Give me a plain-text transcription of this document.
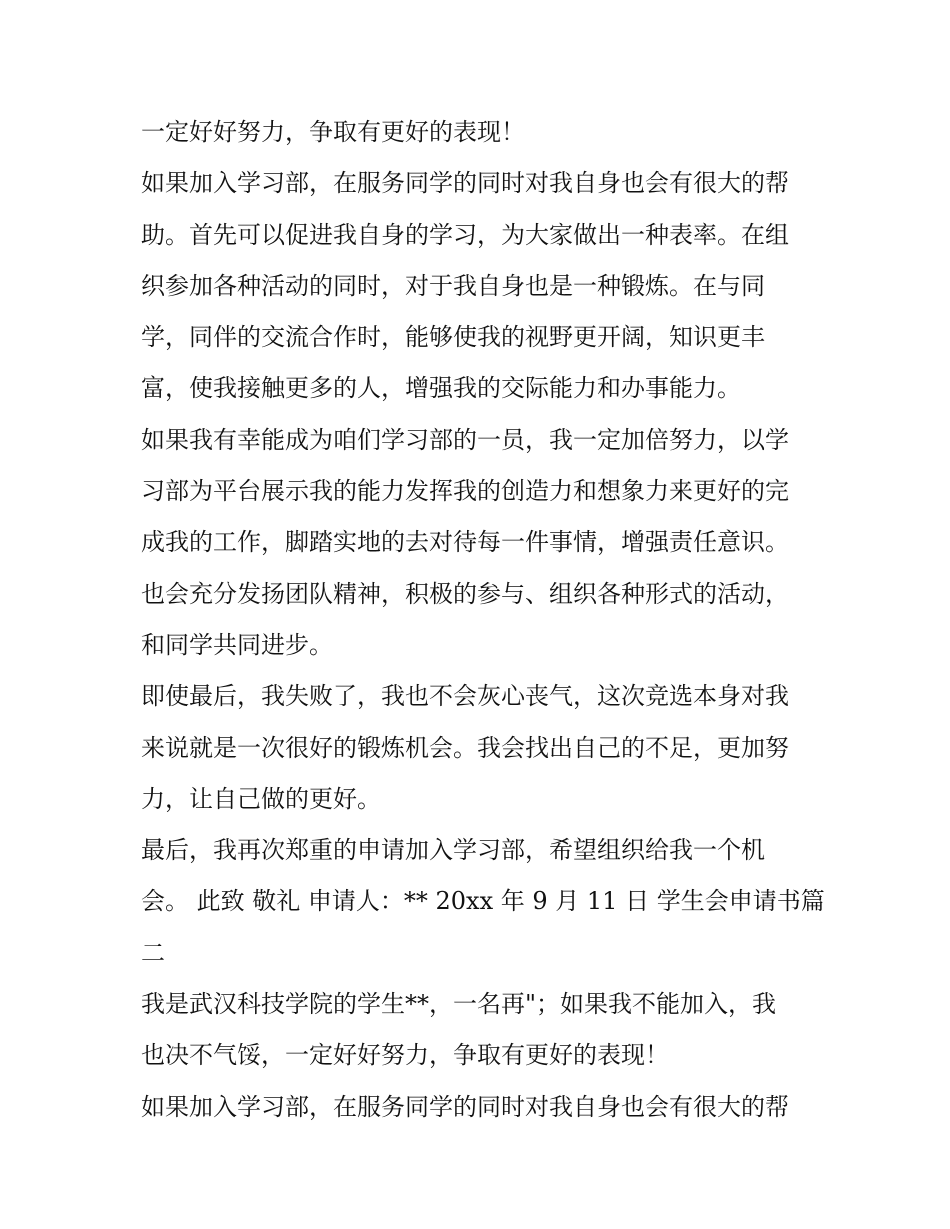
一定好好努力，争取有更好的表现！
如果加入学习部，在服务同学的同时对我自身也会有很大的帮
助。首先可以促进我自身的学习，为大家做出一种表率。在组
织参加各种活动的同时，对于我自身也是一种锻炼。在与同
学，同伴的交流合作时，能够使我的视野更开阔，知识更丰
富，使我接触更多的人，增强我的交际能力和办事能力。
如果我有幸能成为咱们学习部的一员，我一定加倍努力，以学
习部为平台展示我的能力发挥我的创造力和想象力来更好的完
成我的工作，脚踏实地的去对待每一件事情，增强责任意识。
也会充分发扬团队精神，积极的参与、组织各种形式的活动，
和同学共同进步。
即使最后，我失败了，我也不会灰心丧气，这次竞选本身对我
来说就是一次很好的锻炼机会。我会找出自己的不足，更加努
力，让自己做的更好。
最后，我再次郑重的申请加入学习部，希望组织给我一个机
会。 此致 敬礼 申请人：** 20xx 年 9 月 11 日 学生会申请书篇
二
我是武汉科技学院的学生**，一名再"；如果我不能加入，我
也决不气馁，一定好好努力，争取有更好的表现！
如果加入学习部，在服务同学的同时对我自身也会有很大的帮
